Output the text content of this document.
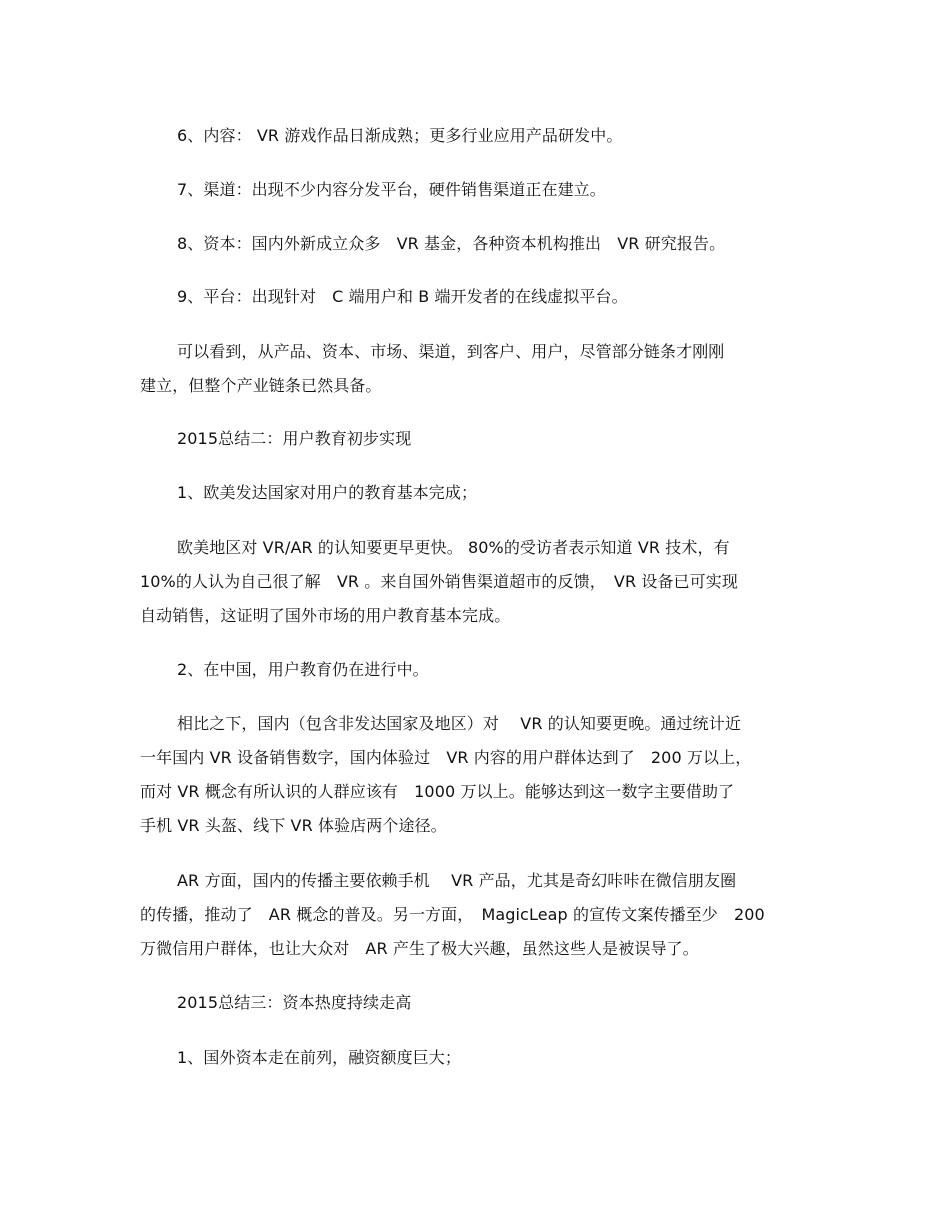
6、内容： VR 游戏作品日渐成熟；更多行业应用产品研发中。
7、渠道：出现不少内容分发平台，硬件销售渠道正在建立。
8、资本：国内外新成立众多　VR 基金，各种资本机构推出　VR 研究报告。
9、平台：出现针对　C 端用户和 B 端开发者的在线虚拟平台。
可以看到，从产品、资本、市场、渠道，到客户、用户，尽管部分链条才刚刚
建立，但整个产业链条已然具备。
2015总结二：用户教育初步实现
1、欧美发达国家对用户的教育基本完成；
欧美地区对 VR/AR 的认知要更早更快。 80%的受访者表示知道 VR 技术，有
10%的人认为自己很了解　VR 。来自国外销售渠道超市的反馈，　VR 设备已可实现
自动销售，这证明了国外市场的用户教育基本完成。
2、在中国，用户教育仍在进行中。
相比之下，国内（包含非发达国家及地区）对　 VR 的认知要更晚。通过统计近
一年国内 VR 设备销售数字，国内体验过　VR 内容的用户群体达到了　200 万以上，
而对 VR 概念有所认识的人群应该有　1000 万以上。能够达到这一数字主要借助了
手机 VR 头盔、线下 VR 体验店两个途径。
AR 方面，国内的传播主要依赖手机　 VR 产品，尤其是奇幻咔咔在微信朋友圈
的传播，推动了　AR 概念的普及。另一方面，　MagicLeap 的宣传文案传播至少　200
万微信用户群体，也让大众对　AR 产生了极大兴趣，虽然这些人是被误导了。
2015总结三：资本热度持续走高
1、国外资本走在前列，融资额度巨大；
